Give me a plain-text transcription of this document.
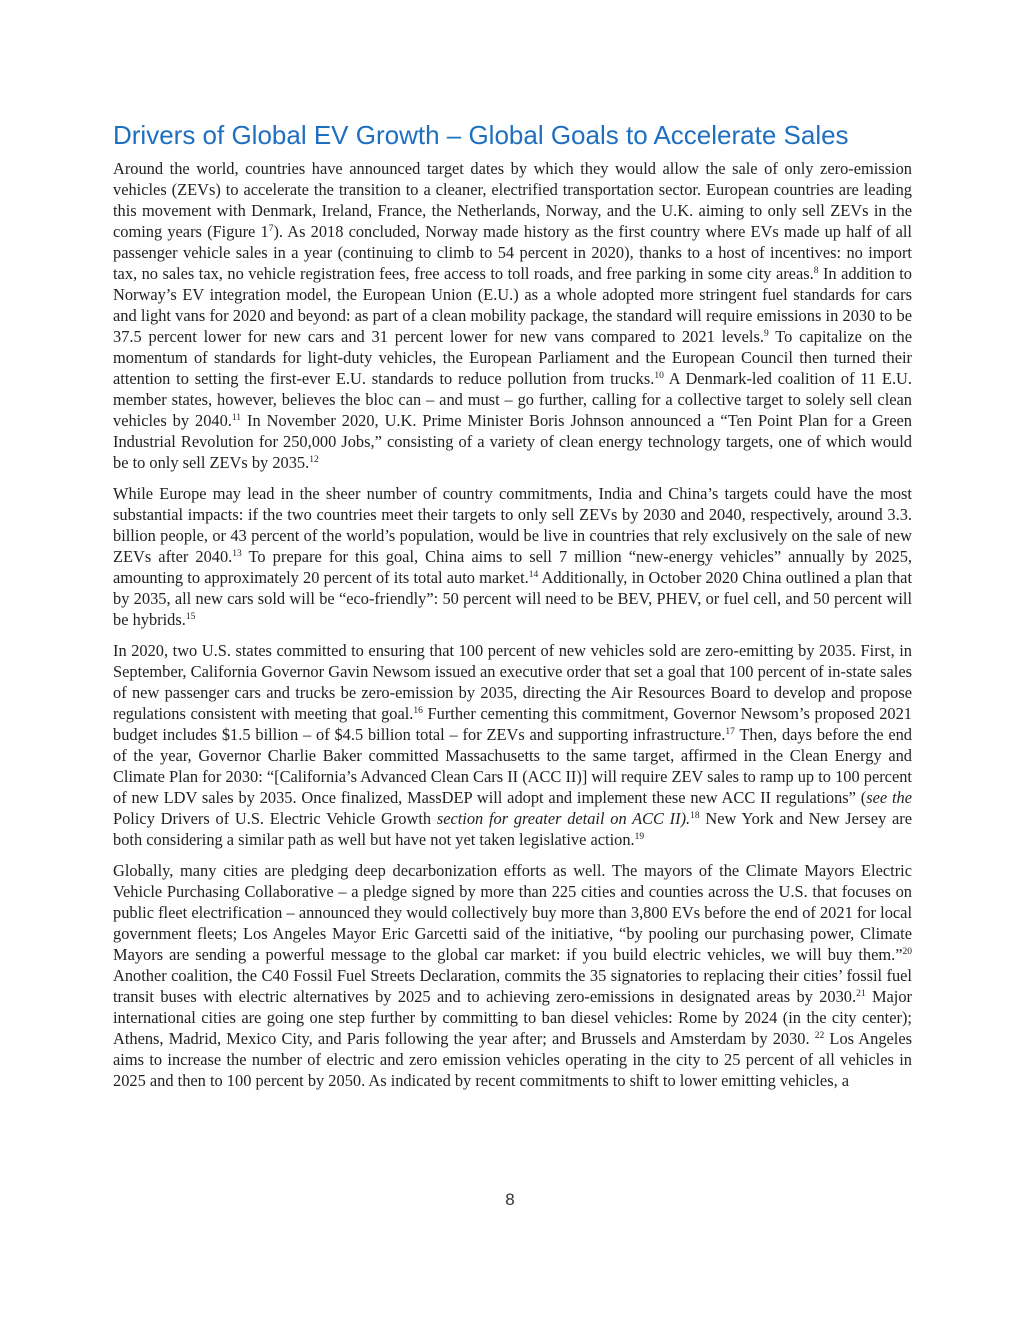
Drivers of Global EV Growth – Global Goals to Accelerate Sales

Around the world, countries have announced target dates by which they would allow the sale of only zero-emission vehicles (ZEVs) to accelerate the transition to a cleaner, electrified transportation sector. European countries are leading this movement with Denmark, Ireland, France, the Netherlands, Norway, and the U.K. aiming to only sell ZEVs in the coming years (Figure $1^7$). As 2018 concluded, Norway made history as the first country where EVs made up half of all passenger vehicle sales in a year (continuing to climb to 54 percent in 2020), thanks to a host of incentives: no import tax, no sales tax, no vehicle registration fees, free access to toll roads, and free parking in some city areas.$^8$ In addition to Norway’s EV integration model, the European Union (E.U.) as a whole adopted more stringent fuel standards for cars and light vans for 2020 and beyond: as part of a clean mobility package, the standard will require emissions in 2030 to be 37.5 percent lower for new cars and 31 percent lower for new vans compared to 2021 levels.$^9$ To capitalize on the momentum of standards for light-duty vehicles, the European Parliament and the European Council then turned their attention to setting the first-ever E.U. standards to reduce pollution from trucks.$^{10}$ A Denmark-led coalition of 11 E.U. member states, however, believes the bloc can – and must – go further, calling for a collective target to solely sell clean vehicles by 2040.11 In November 2020, U.K. Prime Minister Boris Johnson announced a “Ten Point Plan for a Green Industrial Revolution for 250,000 Jobs,” consisting of a variety of clean energy technology targets, one of which would be to only sell ZEVs by 2035.12

While Europe may lead in the sheer number of country commitments, India and China’s targets could have the most substantial impacts: if the two countries meet their targets to only sell ZEVs by 2030 and 2040, respectively, around 3.3. billion people, or 43 percent of the world’s population, would be live in countries that rely exclusively on the sale of new ZEVs after 2040.13 To prepare for this goal, China aims to sell 7 million “new-energy vehicles” annually by 2025, amounting to approximately 20 percent of its total auto market.$^{14}$ Additionally, in October 2020 China outlined a plan that by 2035, all new cars sold will be “eco-friendly”: 50 percent will need to be BEV, PHEV, or fuel cell, and 50 percent will be hybrids.$^{15}$

In 2020, two U.S. states committed to ensuring that 100 percent of new vehicles sold are zero-emitting by 2035. First, in September, California Governor Gavin Newsom issued an executive order that set a goal that 100 percent of in-state sales of new passenger cars and trucks be zero-emission by 2035, directing the Air Resources Board to develop and propose regulations consistent with meeting that goal.$^{16}$ Further cementing this commitment, Governor Newsom’s proposed 2021 budget includes $1.5 billion – of $4.5 billion total – for ZEVs and supporting infrastructure.$^{17}$ Then, days before the end of the year, Governor Charlie Baker committed Massachusetts to the same target, affirmed in the Clean Energy and Climate Plan for 2030: “[California’s Advanced Clean Cars II (ACC II)] will require ZEV sales to ramp up to 100 percent of new LDV sales by 2035. Once finalized, MassDEP will adopt and implement these new ACC II regulations” (see the Policy Drivers of U.S. Electric Vehicle Growth section for greater detail on ACC II).$^{18}$ New York and New Jersey are both considering a similar path as well but have not yet taken legislative action.$^{19}$

Globally, many cities are pledging deep decarbonization efforts as well. The mayors of the Climate Mayors Electric Vehicle Purchasing Collaborative – a pledge signed by more than 225 cities and counties across the U.S. that focuses on public fleet electrification – announced they would collectively buy more than 3,800 EVs before the end of 2021 for local government fleets; Los Angeles Mayor Eric Garcetti said of the initiative, “by pooling our purchasing power, Climate Mayors are sending a powerful message to the global car market: if you build electric vehicles, we will buy them.”$^{20}$ Another coalition, the C40 Fossil Fuel Streets Declaration, commits the 35 signatories to replacing their cities’ fossil fuel transit buses with electric alternatives by 2025 and to achieving zero-emissions in designated areas by 2030.21 Major international cities are going one step further by committing to ban diesel vehicles: Rome by 2024 (in the city center); Athens, Madrid, Mexico City, and Paris following the year after; and Brussels and Amsterdam by 2030. $^{22}$ Los Angeles aims to increase the number of electric and zero emission vehicles operating in the city to 25 percent of all vehicles in 2025 and then to 100 percent by 2050. As indicated by recent commitments to shift to lower emitting vehicles, a

8
